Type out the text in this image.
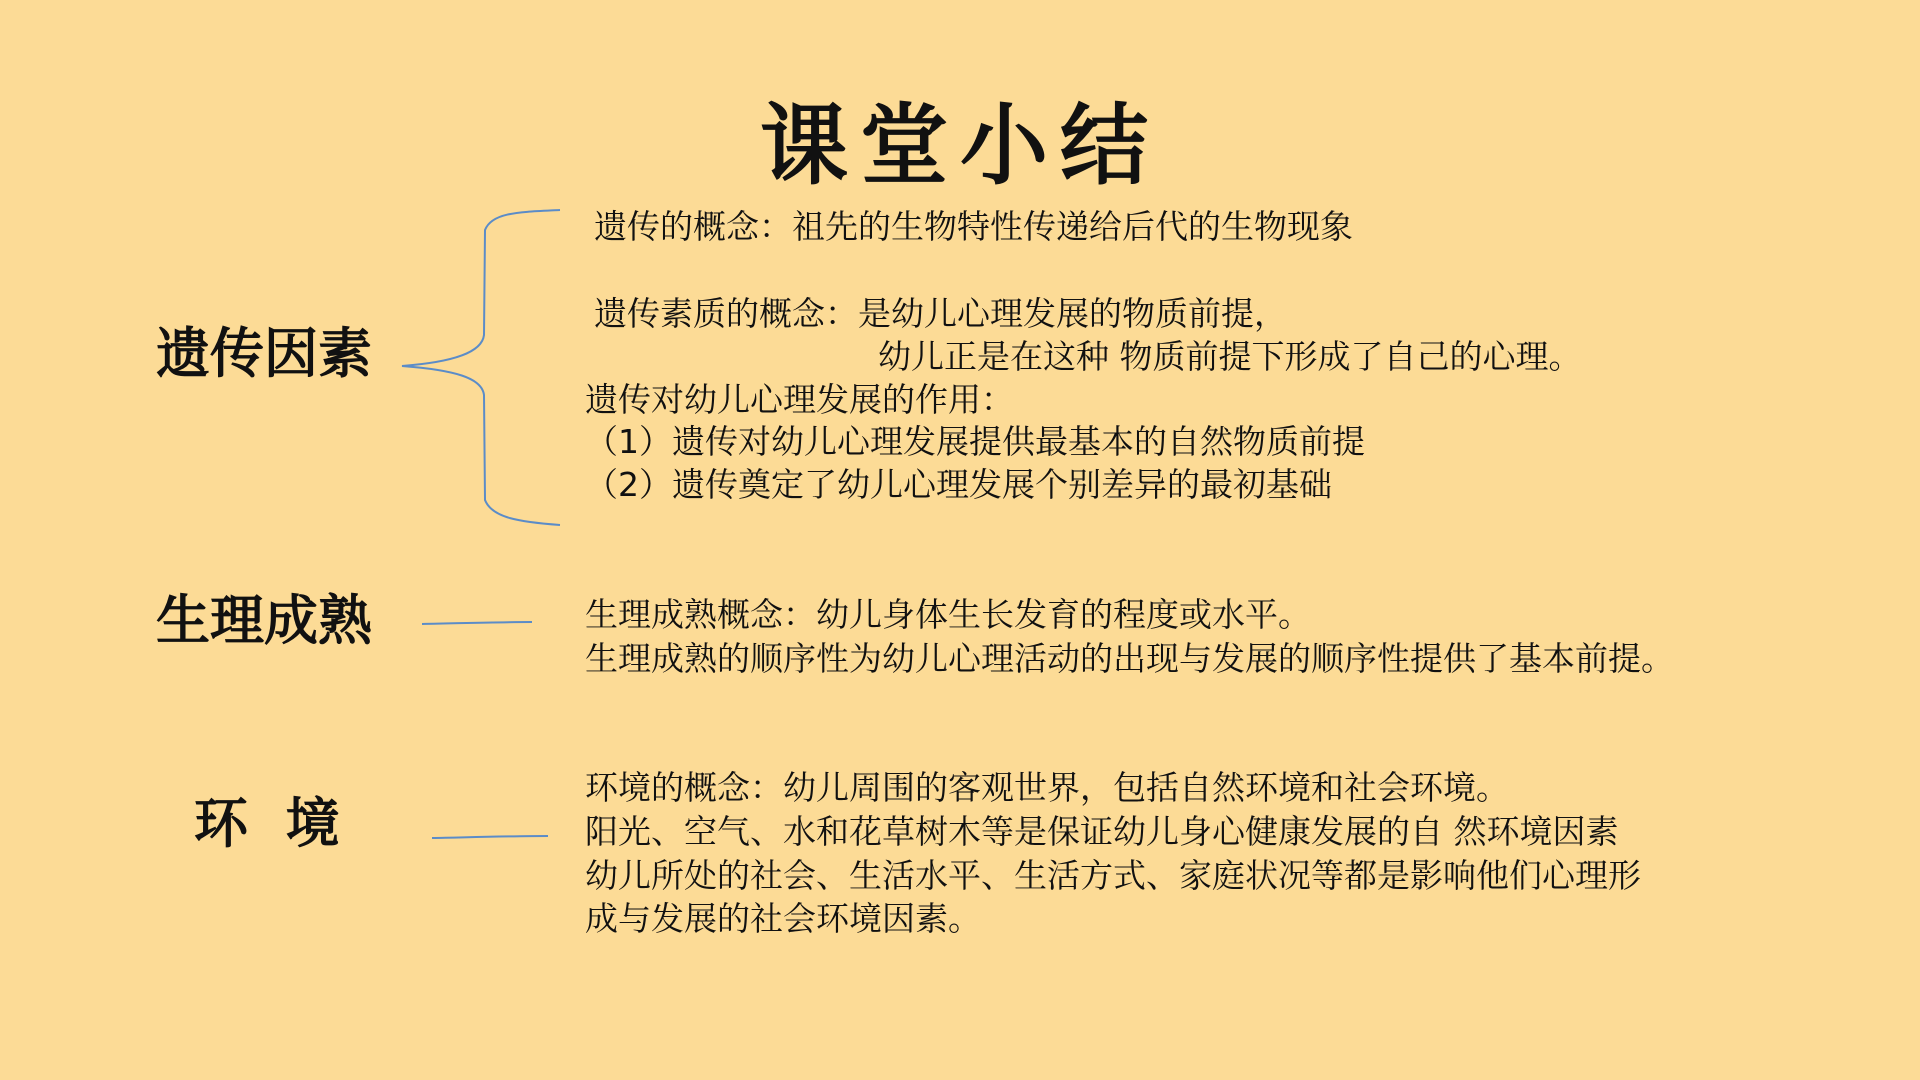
课堂小结
遗传因素
遗传的概念：祖先的生物特性传递给后代的生物现象
遗传素质的概念：是幼儿心理发展的物质前提，
幼儿正是在这种 物质前提下形成了自己的心理。
遗传对幼儿心理发展的作用：
（1）遗传对幼儿心理发展提供最基本的自然物质前提
（2）遗传奠定了幼儿心理发展个别差异的最初基础
生理成熟	生理成熟概念：幼儿身体生长发育的程度或水平。
生理成熟的顺序性为幼儿心理活动的出现与发展的顺序性提供了基本前提。
环  境
环境的概念：幼儿周围的客观世界，包括自然环境和社会环境。
阳光、空气、水和花草树木等是保证幼儿身心健康发展的自 然环境因素
幼儿所处的社会、生活水平、生活方式、家庭状况等都是影响他们心理形
成与发展的社会环境因素。
